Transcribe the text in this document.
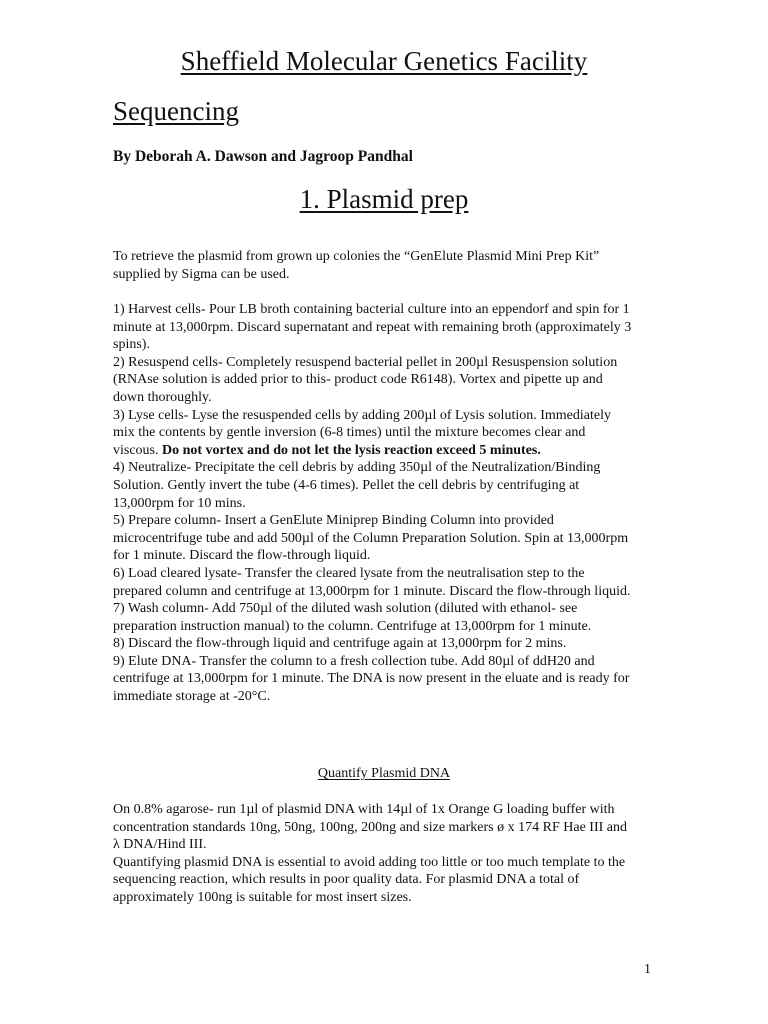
Sheffield Molecular Genetics Facility
Sequencing
By Deborah A. Dawson and Jagroop Pandhal
1. Plasmid prep
To retrieve the plasmid from grown up colonies the “GenElute Plasmid Mini Prep Kit” supplied by Sigma can be used.

1) Harvest cells- Pour LB broth containing bacterial culture into an eppendorf and spin for 1 minute at 13,000rpm. Discard supernatant and repeat with remaining broth (approximately 3 spins).

2) Resuspend cells- Completely resuspend bacterial pellet in 200µl Resuspension solution (RNAse solution is added prior to this- product code R6148). Vortex and pipette up and down thoroughly.

3) Lyse cells- Lyse the resuspended cells by adding 200µl of Lysis solution. Immediately mix the contents by gentle inversion (6-8 times) until the mixture becomes clear and viscous. Do not vortex and do not let the lysis reaction exceed 5 minutes.

4) Neutralize- Precipitate the cell debris by adding 350µl of the Neutralization/Binding Solution. Gently invert the tube (4-6 times). Pellet the cell debris by centrifuging at 13,000rpm for 10 mins.

5) Prepare column- Insert a GenElute Miniprep Binding Column into provided microcentrifuge tube and add 500µl of the Column Preparation Solution. Spin at 13,000rpm for 1 minute. Discard the flow-through liquid.

6) Load cleared lysate- Transfer the cleared lysate from the neutralisation step to the prepared column and centrifuge at 13,000rpm for 1 minute. Discard the flow-through liquid.

7) Wash column- Add 750µl of the diluted wash solution (diluted with ethanol- see preparation instruction manual) to the column. Centrifuge at 13,000rpm for 1 minute.

8) Discard the flow-through liquid and centrifuge again at 13,000rpm for 2 mins.

9) Elute DNA- Transfer the column to a fresh collection tube. Add 80µl of ddH20 and centrifuge at 13,000rpm for 1 minute. The DNA is now present in the eluate and is ready for immediate storage at -20°C.

Quantify Plasmid DNA

On 0.8% agarose- run 1µl of plasmid DNA with 14µl of 1x Orange G loading buffer with concentration standards 10ng, 50ng, 100ng, 200ng and size markers ø x 174 RF Hae III and λ DNA/Hind III.

Quantifying plasmid DNA is essential to avoid adding too little or too much template to the sequencing reaction, which results in poor quality data. For plasmid DNA a total of approximately 100ng is suitable for most insert sizes.

1
